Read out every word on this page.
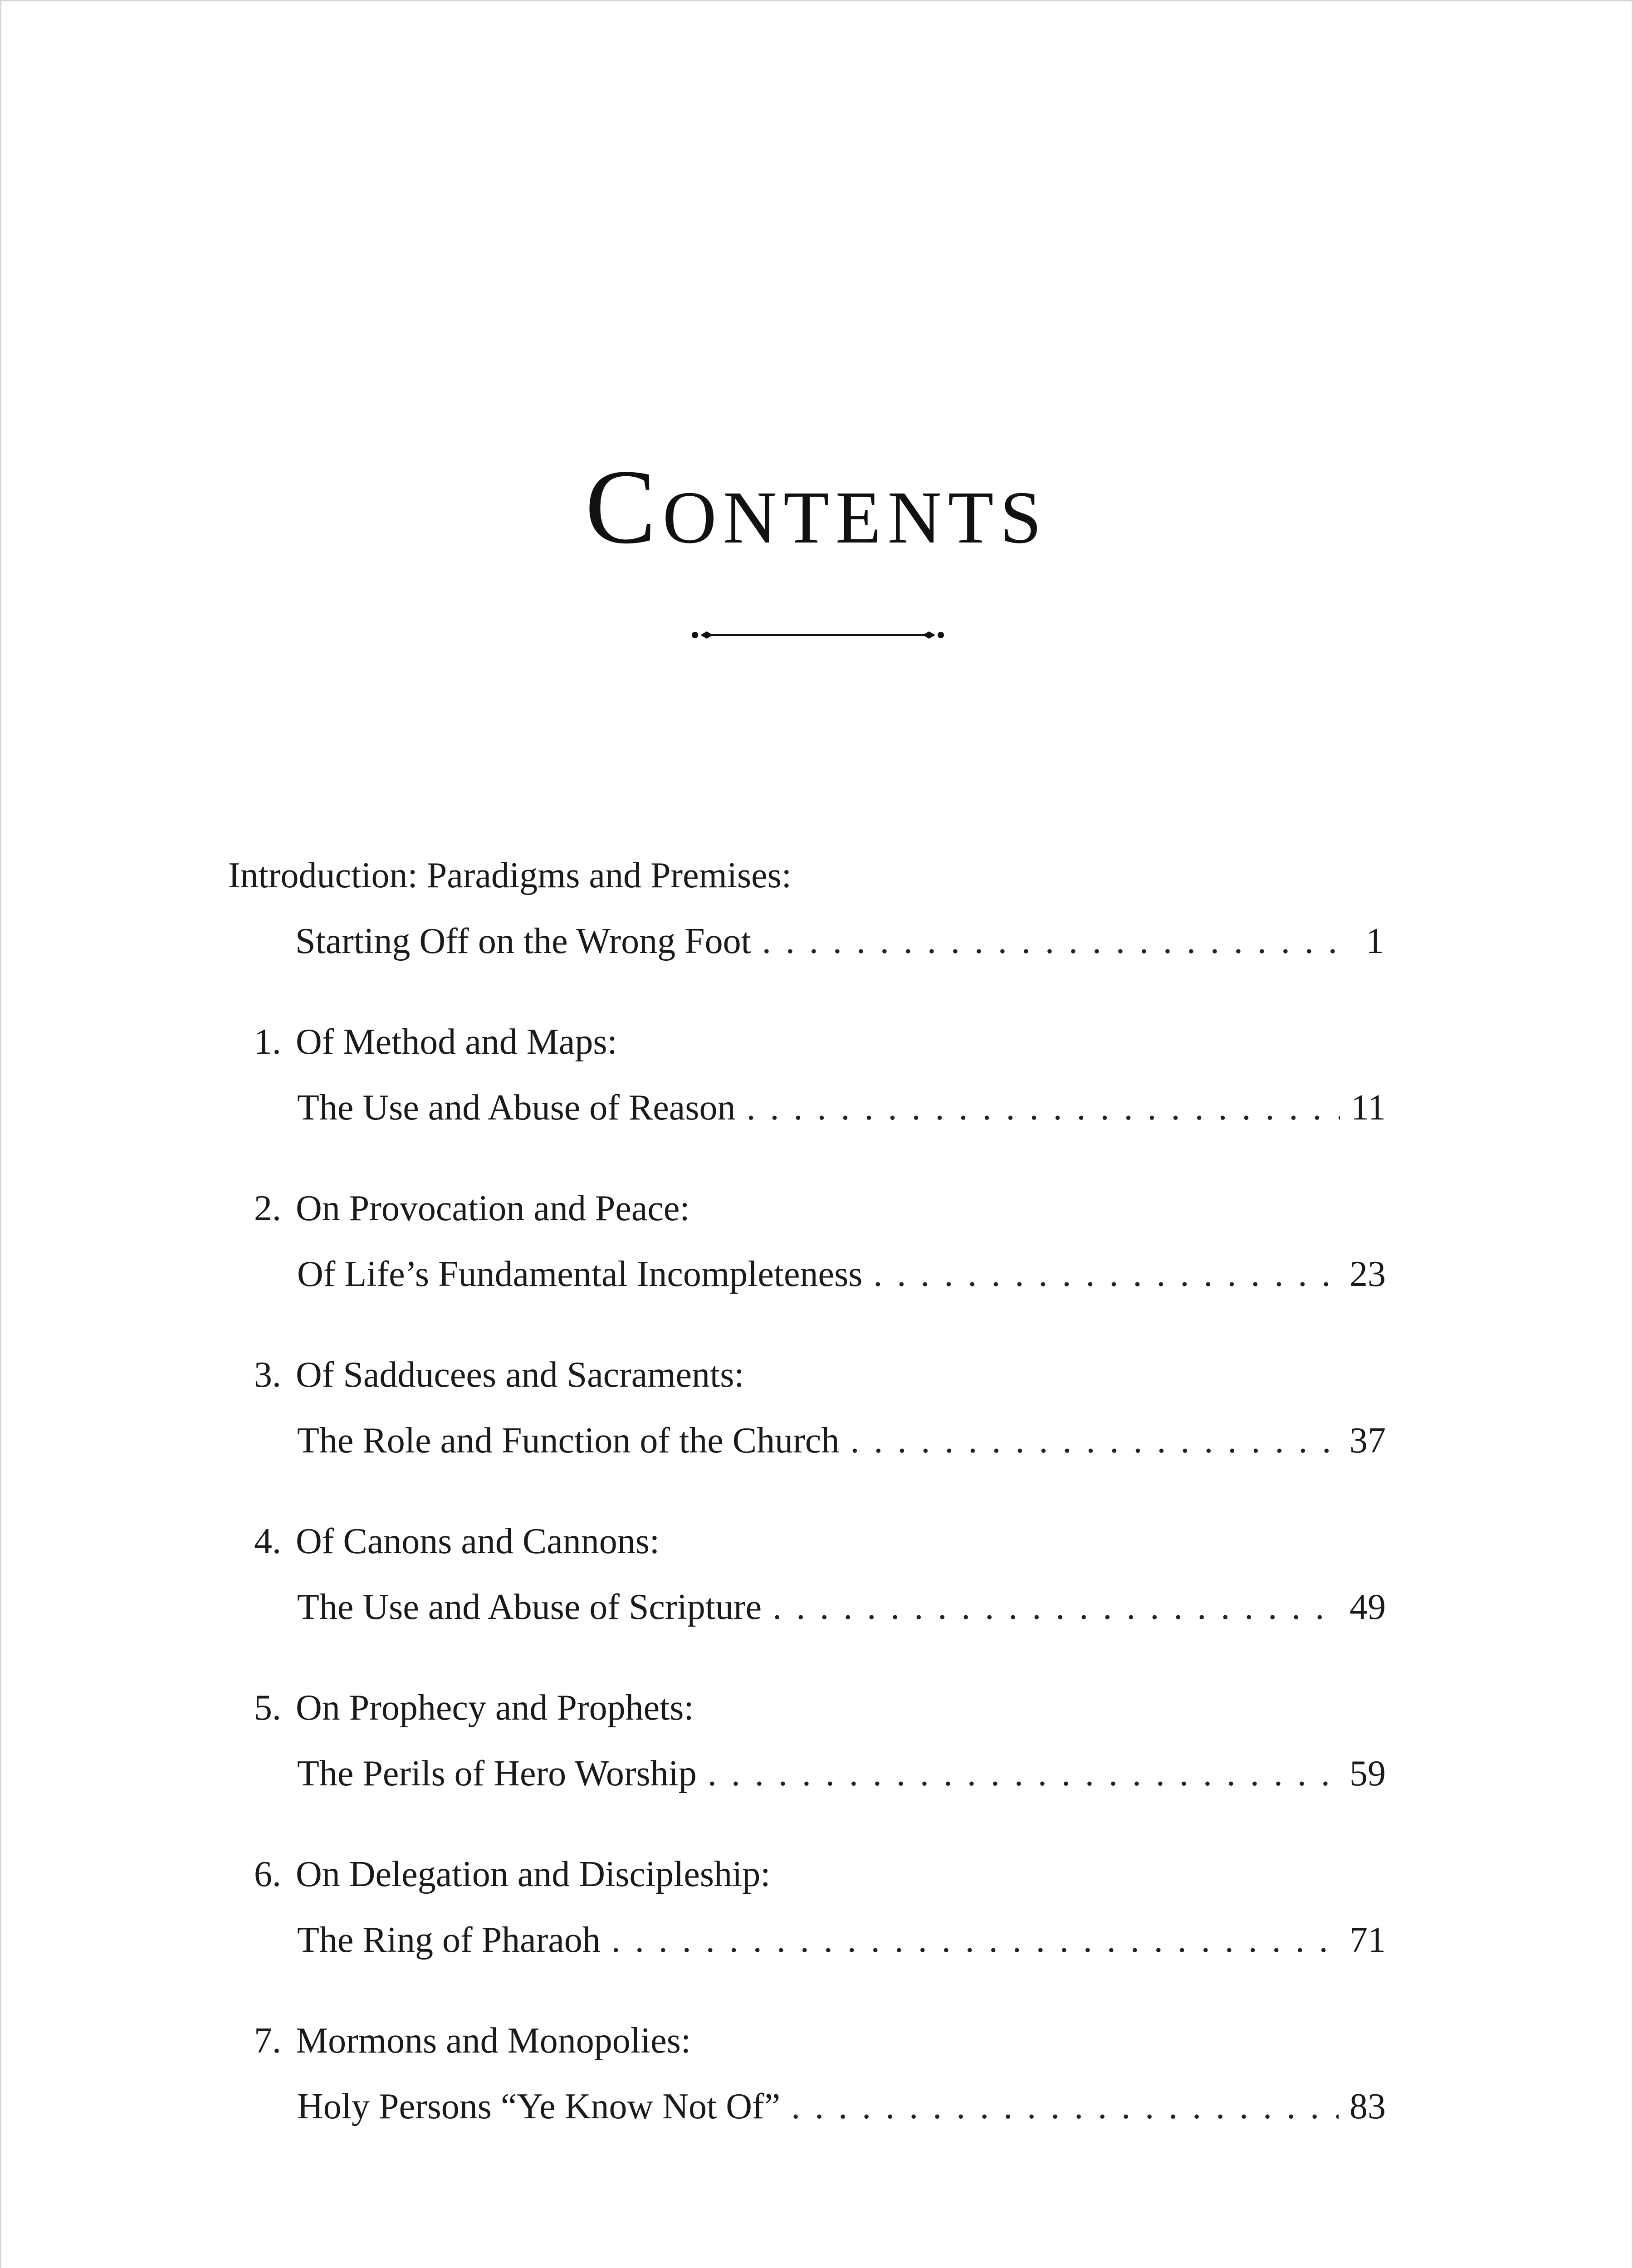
Contents
Introduction: Paradigms and Premises:
Starting Off on the Wrong Foot . . .	1
1. Of Method and Maps:
The Use and Abuse of Reason . . .	11
2. On Provocation and Peace:
Of Life’s Fundamental Incompleteness . . .	23
3. Of Sadducees and Sacraments:
The Role and Function of the Church . . .	37
4. Of Canons and Cannons:
The Use and Abuse of Scripture . . .	49
5. On Prophecy and Prophets:
The Perils of Hero Worship . . .	59
6. On Delegation and Discipleship:
The Ring of Pharaoh . . .	71
7. Mormons and Monopolies:
Holy Persons “Ye Know Not Of” . . .	83
